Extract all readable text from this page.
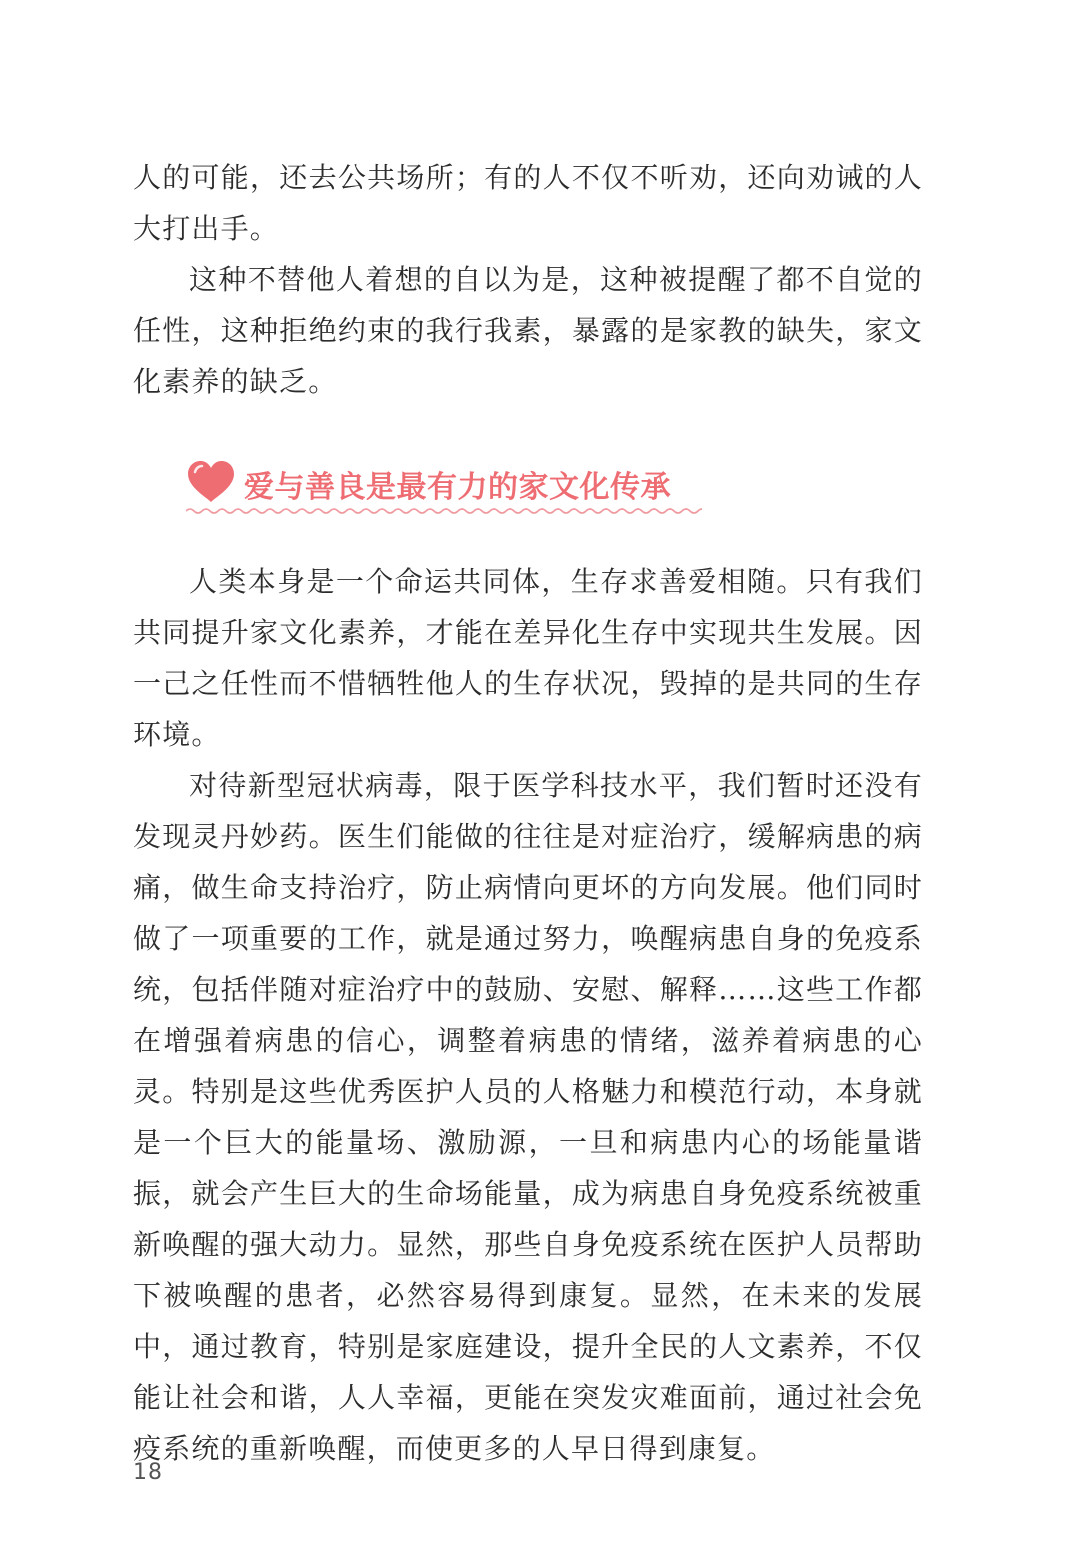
人的可能，还去公共场所；有的人不仅不听劝，还向劝诫的人大打出手。

这种不替他人着想的自以为是，这种被提醒了都不自觉的任性，这种拒绝约束的我行我素，暴露的是家教的缺失，家文化素养的缺乏。

爱与善良是最有力的家文化传承

人类本身是一个命运共同体，生存求善爱相随。只有我们共同提升家文化素养，才能在差异化生存中实现共生发展。因一己之任性而不惜牺牲他人的生存状况，毁掉的是共同的生存环境。

对待新型冠状病毒，限于医学科技水平，我们暂时还没有发现灵丹妙药。医生们能做的往往是对症治疗，缓解病患的病痛，做生命支持治疗，防止病情向更坏的方向发展。他们同时做了一项重要的工作，就是通过努力，唤醒病患自身的免疫系统，包括伴随对症治疗中的鼓励、安慰、解释……这些工作都在增强着病患的信心，调整着病患的情绪，滋养着病患的心灵。特别是这些优秀医护人员的人格魅力和模范行动，本身就是一个巨大的能量场、激励源，一旦和病患内心的场能量谐振，就会产生巨大的生命场能量，成为病患自身免疫系统被重新唤醒的强大动力。显然，那些自身免疫系统在医护人员帮助下被唤醒的患者，必然容易得到康复。显然，在未来的发展中，通过教育，特别是家庭建设，提升全民的人文素养，不仅能让社会和谐，人人幸福，更能在突发灾难面前，通过社会免疫系统的重新唤醒，而使更多的人早日得到康复。

18
